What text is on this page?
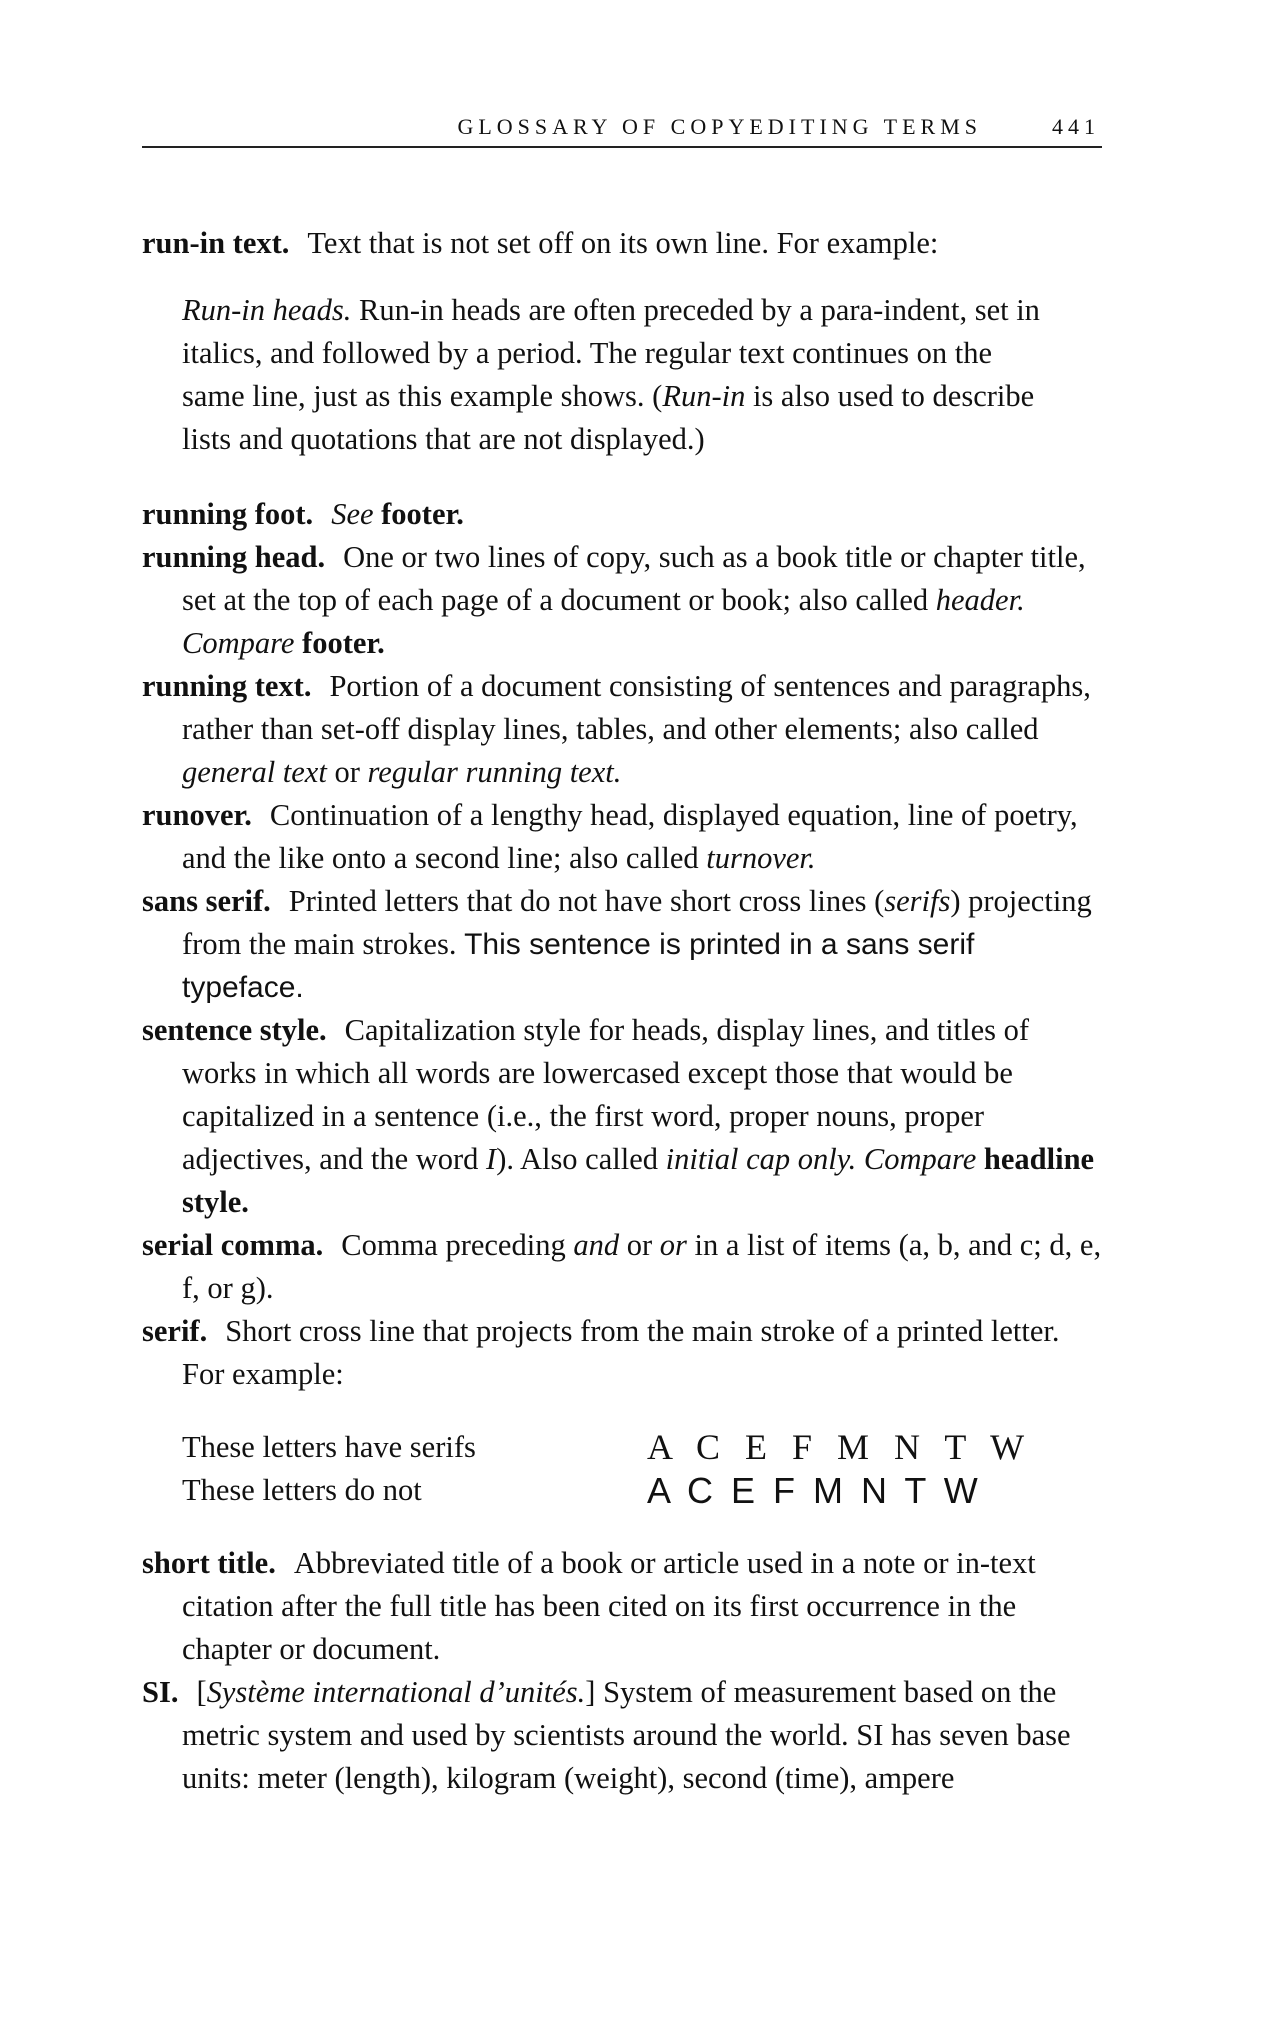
GLOSSARY OF COPYEDITING TERMS	441

run-in text. Text that is not set off on its own line. For example:

Run-in heads. Run-in heads are often preceded by a para-indent, set in italics, and followed by a period. The regular text continues on the same line, just as this example shows. (Run-in is also used to describe lists and quotations that are not displayed.)

running foot. See footer.

running head. One or two lines of copy, such as a book title or chapter title, set at the top of each page of a document or book; also called header. Compare footer.

running text. Portion of a document consisting of sentences and paragraphs, rather than set-off display lines, tables, and other elements; also called general text or regular running text.

runover. Continuation of a lengthy head, displayed equation, line of poetry, and the like onto a second line; also called turnover.

sans serif. Printed letters that do not have short cross lines (serifs) projecting from the main strokes. This sentence is printed in a sans serif typeface.

sentence style. Capitalization style for heads, display lines, and titles of works in which all words are lowercased except those that would be capitalized in a sentence (i.e., the first word, proper nouns, proper adjectives, and the word I). Also called initial cap only. Compare headline style.

serial comma. Comma preceding and or or in a list of items (a, b, and c; d, e, f, or g).

serif. Short cross line that projects from the main stroke of a printed letter. For example:

These letters have serifs	A C E F M N T W
These letters do not	A C E F M N T W

short title. Abbreviated title of a book or article used in a note or in-text citation after the full title has been cited on its first occurrence in the chapter or document.

SI. [Système international d’unités.] System of measurement based on the metric system and used by scientists around the world. SI has seven base units: meter (length), kilogram (weight), second (time), ampere
